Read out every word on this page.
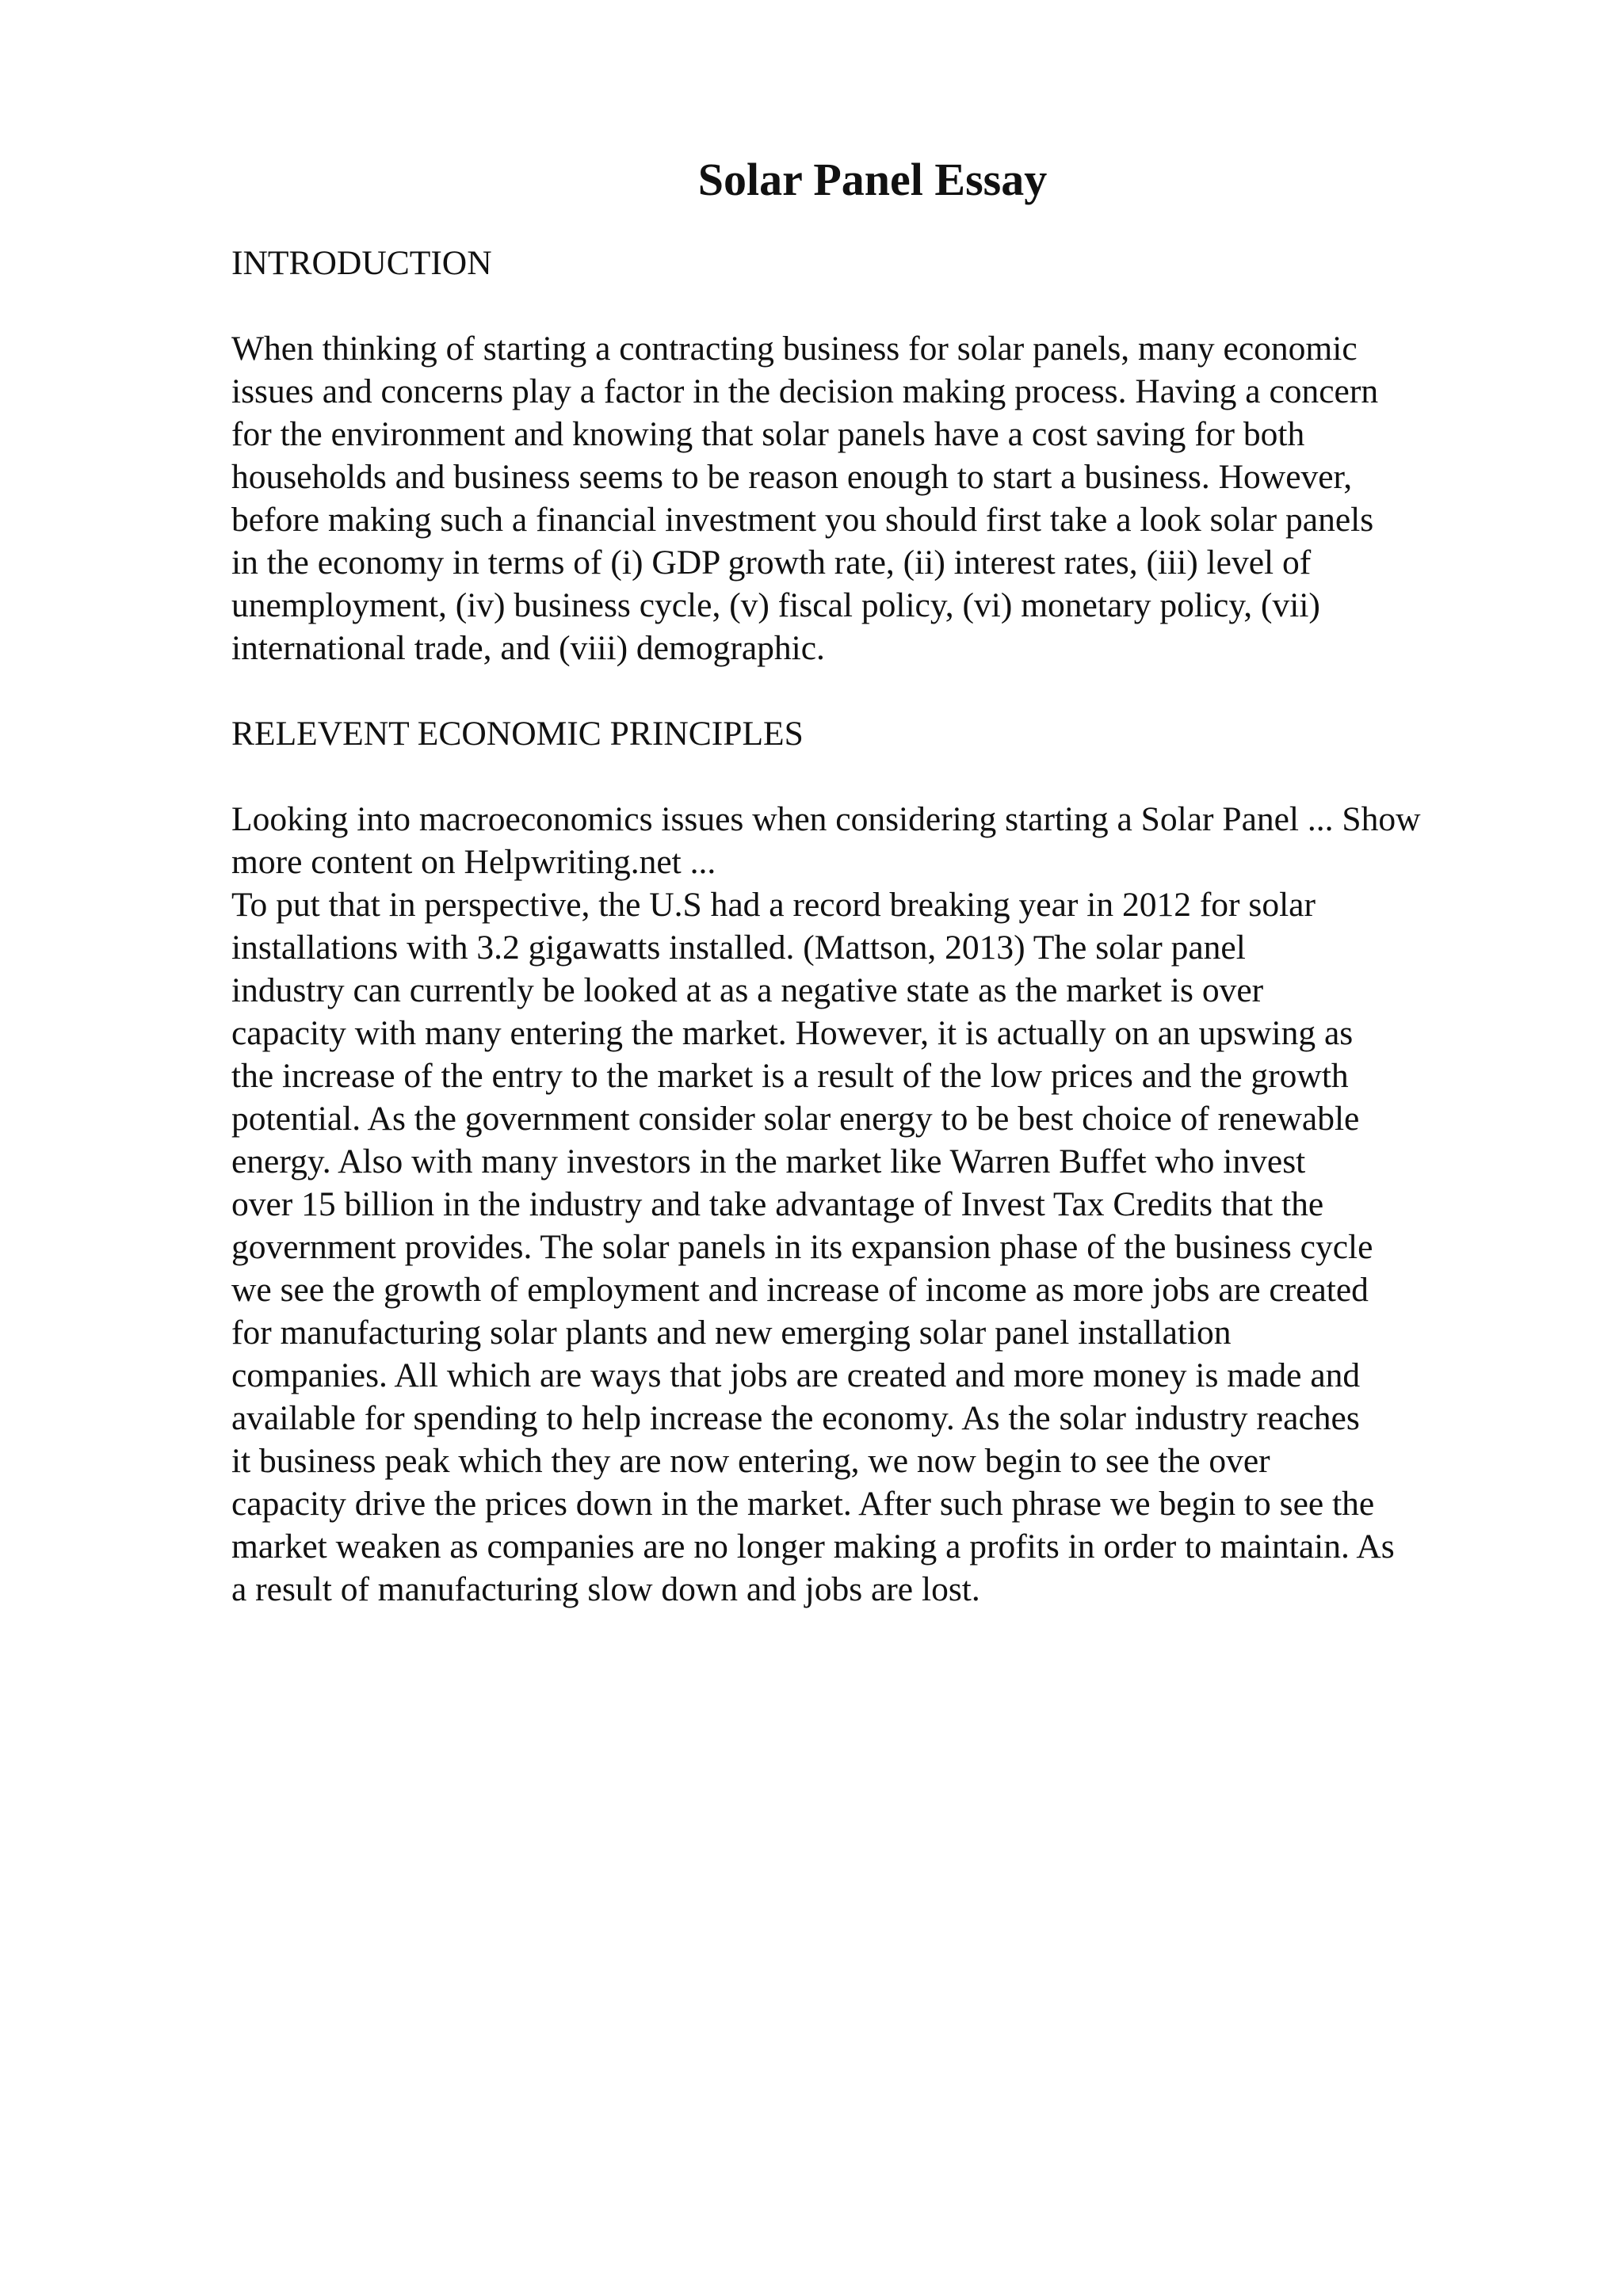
Solar Panel Essay
INTRODUCTION
When thinking of starting a contracting business for solar panels, many economic
issues and concerns play a factor in the decision making process. Having a concern
for the environment and knowing that solar panels have a cost saving for both
households and business seems to be reason enough to start a business. However,
before making such a financial investment you should first take a look solar panels
in the economy in terms of (i) GDP growth rate, (ii) interest rates, (iii) level of
unemployment, (iv) business cycle, (v) fiscal policy, (vi) monetary policy, (vii)
international trade, and (viii) demographic.
RELEVENT ECONOMIC PRINCIPLES
Looking into macroeconomics issues when considering starting a Solar Panel ... Show
more content on Helpwriting.net ...
To put that in perspective, the U.S had a record breaking year in 2012 for solar
installations with 3.2 gigawatts installed. (Mattson, 2013) The solar panel
industry can currently be looked at as a negative state as the market is over
capacity with many entering the market. However, it is actually on an upswing as
the increase of the entry to the market is a result of the low prices and the growth
potential. As the government consider solar energy to be best choice of renewable
energy. Also with many investors in the market like Warren Buffet who invest
over 15 billion in the industry and take advantage of Invest Tax Credits that the
government provides. The solar panels in its expansion phase of the business cycle
we see the growth of employment and increase of income as more jobs are created
for manufacturing solar plants and new emerging solar panel installation
companies. All which are ways that jobs are created and more money is made and
available for spending to help increase the economy. As the solar industry reaches
it business peak which they are now entering, we now begin to see the over
capacity drive the prices down in the market. After such phrase we begin to see the
market weaken as companies are no longer making a profits in order to maintain. As
a result of manufacturing slow down and jobs are lost.
